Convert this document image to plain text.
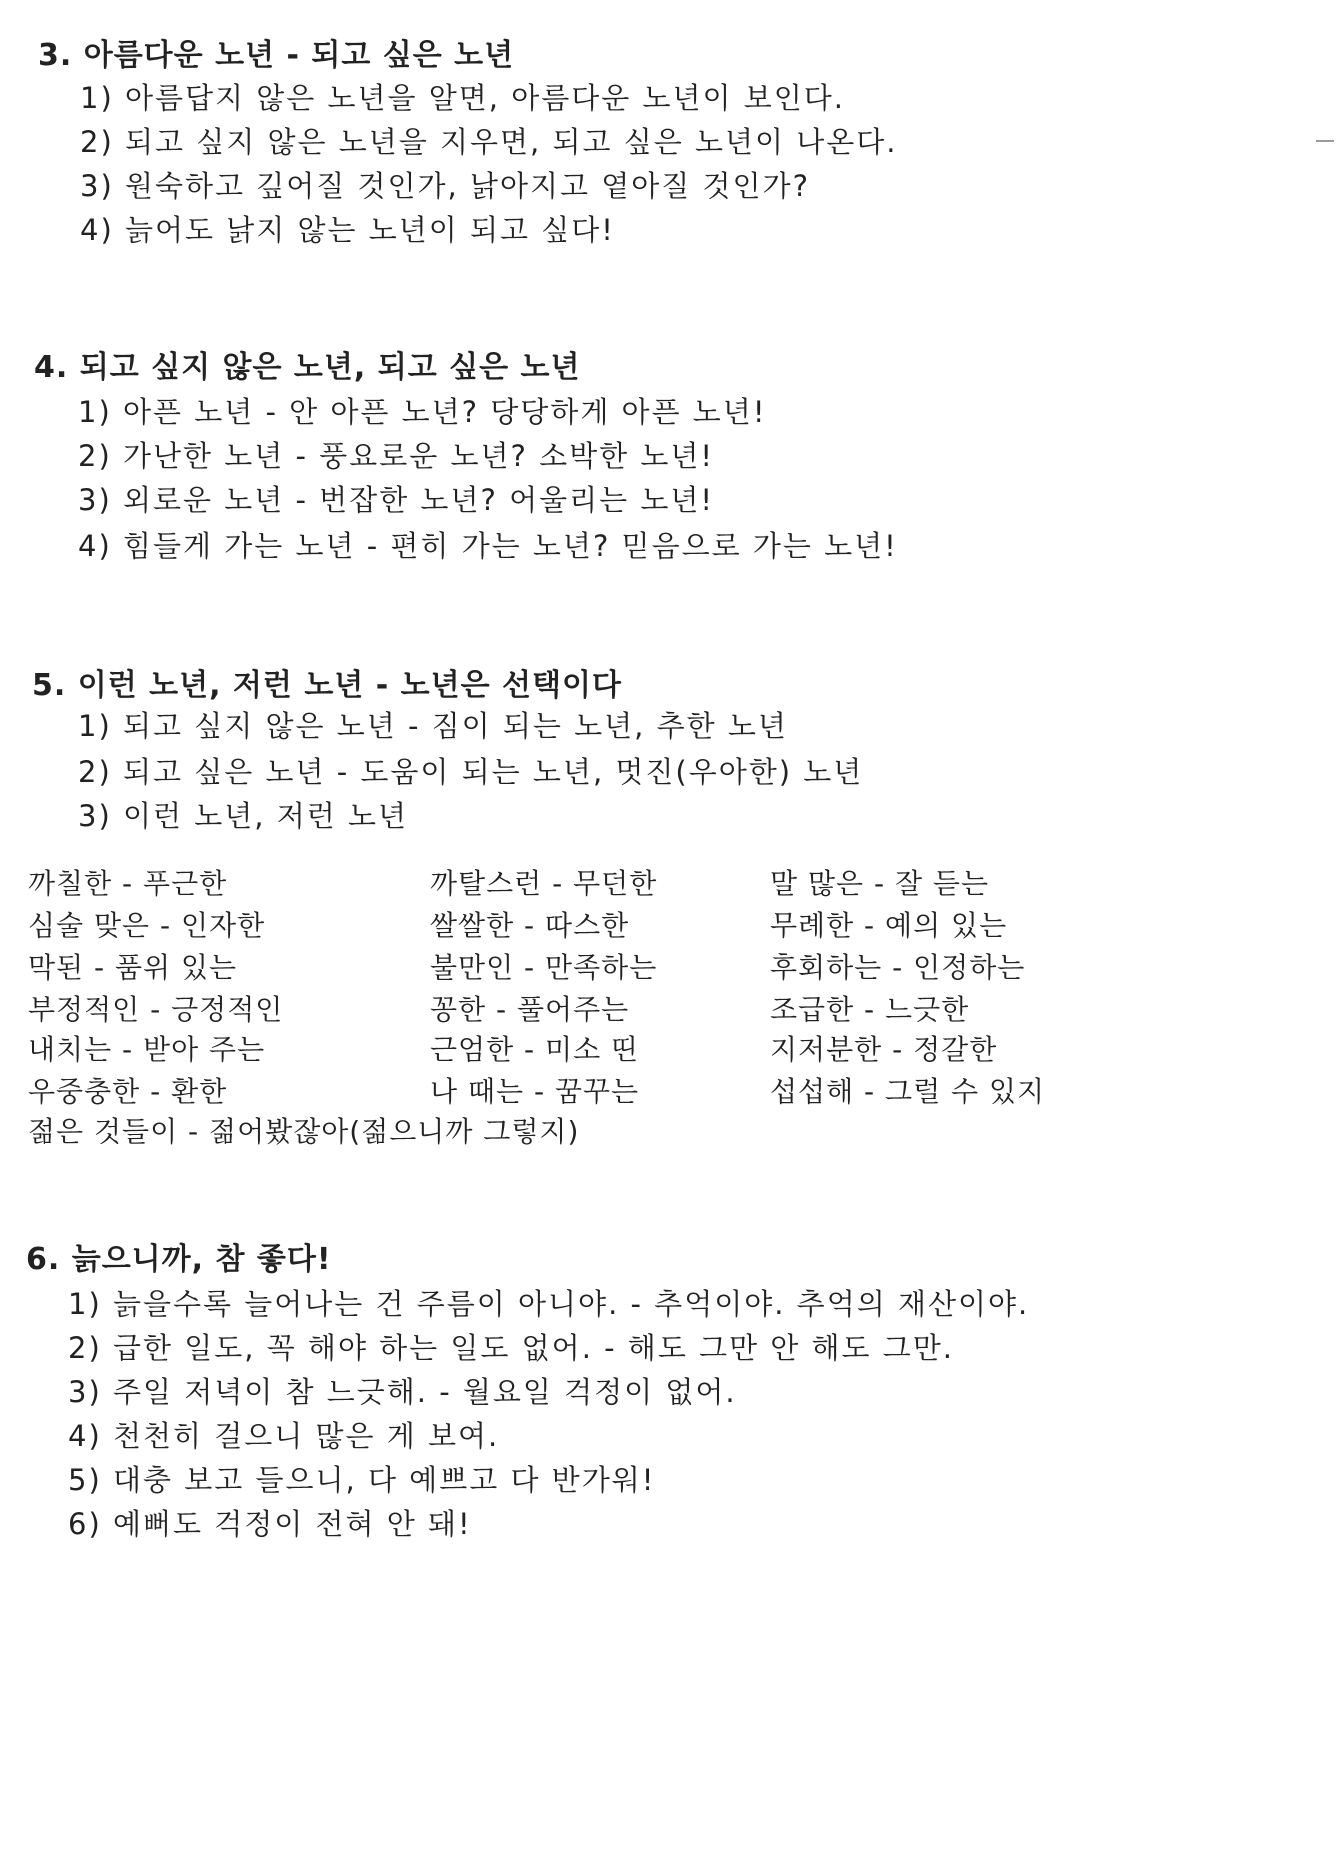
3. 아름다운 노년 - 되고 싶은 노년
1) 아름답지 않은 노년을 알면, 아름다운 노년이 보인다.
2) 되고 싶지 않은 노년을 지우면, 되고 싶은 노년이 나온다.
3) 원숙하고 깊어질 것인가, 낡아지고 옅아질 것인가?
4) 늙어도 낡지 않는 노년이 되고 싶다!
4. 되고 싶지 않은 노년, 되고 싶은 노년
1) 아픈 노년 - 안 아픈 노년? 당당하게 아픈 노년!
2) 가난한 노년 - 풍요로운 노년? 소박한 노년!
3) 외로운 노년 - 번잡한 노년? 어울리는 노년!
4) 힘들게 가는 노년 - 편히 가는 노년? 믿음으로 가는 노년!
5. 이런 노년, 저런 노년 - 노년은 선택이다
1) 되고 싶지 않은 노년 - 짐이 되는 노년, 추한 노년
2) 되고 싶은 노년 - 도움이 되는 노년, 멋진(우아한) 노년
3) 이런 노년, 저런 노년
까칠한 - 푸근한	까탈스런 - 무던한	말 많은 - 잘 듣는
심술 맞은 - 인자한	쌀쌀한 - 따스한	무례한 - 예의 있는
막된 - 품위 있는	불만인 - 만족하는	후회하는 - 인정하는
부정적인 - 긍정적인	꽁한 - 풀어주는	조급한 - 느긋한
내치는 - 받아 주는	근엄한 - 미소 띤	지저분한 - 정갈한
우중충한 - 환한	나 때는 - 꿈꾸는	섭섭해 - 그럴 수 있지
젊은 것들이 - 젊어봤잖아(젊으니까 그렇지)
6. 늙으니까, 참 좋다!
1) 늙을수록 늘어나는 건 주름이 아니야. - 추억이야. 추억의 재산이야.
2) 급한 일도, 꼭 해야 하는 일도 없어. - 해도 그만 안 해도 그만.
3) 주일 저녁이 참 느긋해. - 월요일 걱정이 없어.
4) 천천히 걸으니 많은 게 보여.
5) 대충 보고 들으니, 다 예쁘고 다 반가워!
6) 예뻐도 걱정이 전혀 안 돼!
